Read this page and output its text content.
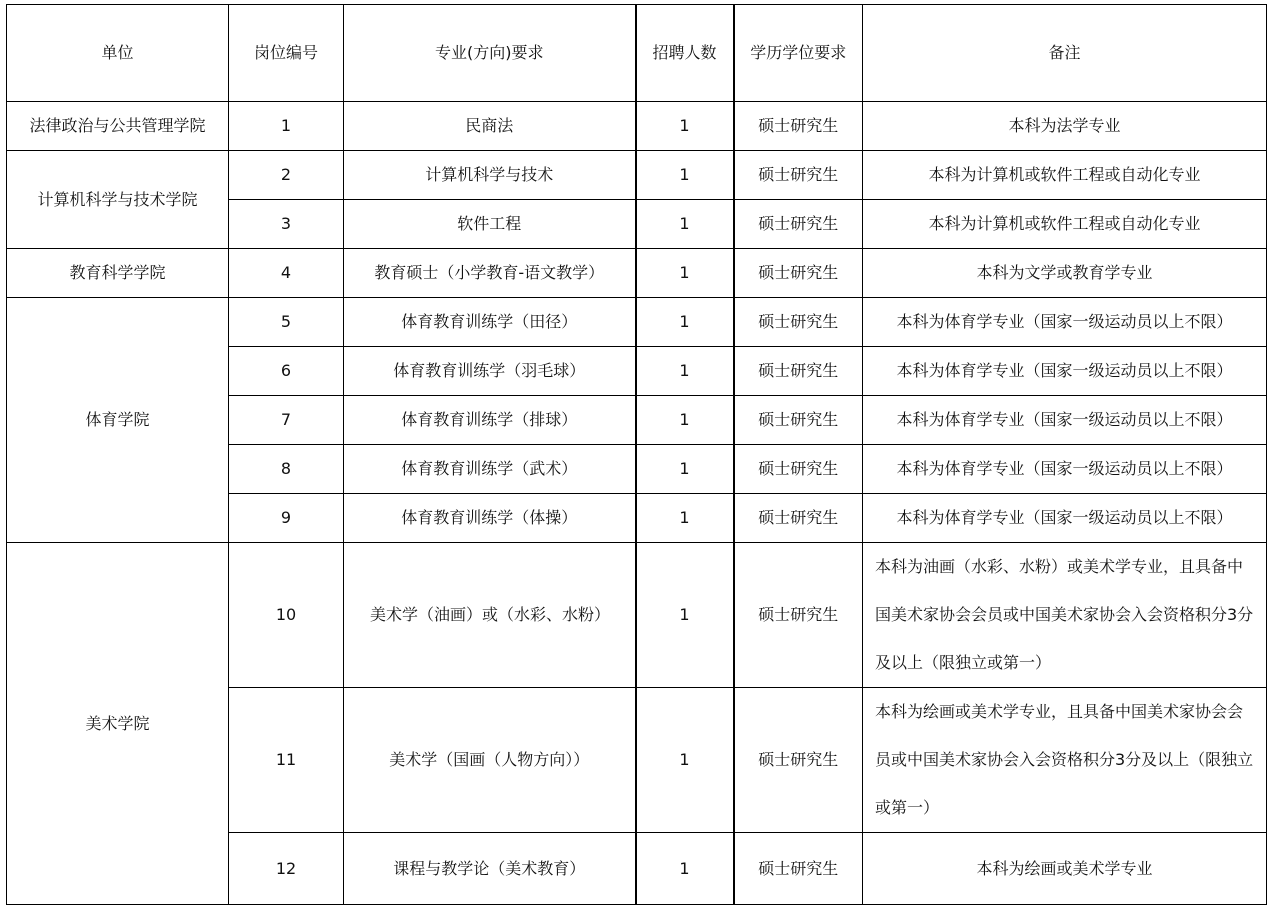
单位	岗位编号	专业(方向)要求	招聘人数	学历学位要求	备注
法律政治与公共管理学院	1	民商法	1	硕士研究生	本科为法学专业
计算机科学与技术学院	2	计算机科学与技术	1	硕士研究生	本科为计算机或软件工程或自动化专业
	3	软件工程	1	硕士研究生	本科为计算机或软件工程或自动化专业
教育科学学院	4	教育硕士（小学教育-语文教学）	1	硕士研究生	本科为文学或教育学专业
体育学院	5	体育教育训练学（田径）	1	硕士研究生	本科为体育学专业（国家一级运动员以上不限）
	6	体育教育训练学（羽毛球）	1	硕士研究生	本科为体育学专业（国家一级运动员以上不限）
	7	体育教育训练学（排球）	1	硕士研究生	本科为体育学专业（国家一级运动员以上不限）
	8	体育教育训练学（武术）	1	硕士研究生	本科为体育学专业（国家一级运动员以上不限）
	9	体育教育训练学（体操）	1	硕士研究生	本科为体育学专业（国家一级运动员以上不限）
美术学院	10	美术学（油画）或（水彩、水粉）	1	硕士研究生	本科为油画（水彩、水粉）或美术学专业，且具备中国美术家协会会员或中国美术家协会入会资格积分3分及以上（限独立或第一）
	11	美术学（国画（人物方向））	1	硕士研究生	本科为绘画或美术学专业，且具备中国美术家协会会员或中国美术家协会入会资格积分3分及以上（限独立或第一）
	12	课程与教学论（美术教育）	1	硕士研究生	本科为绘画或美术学专业
